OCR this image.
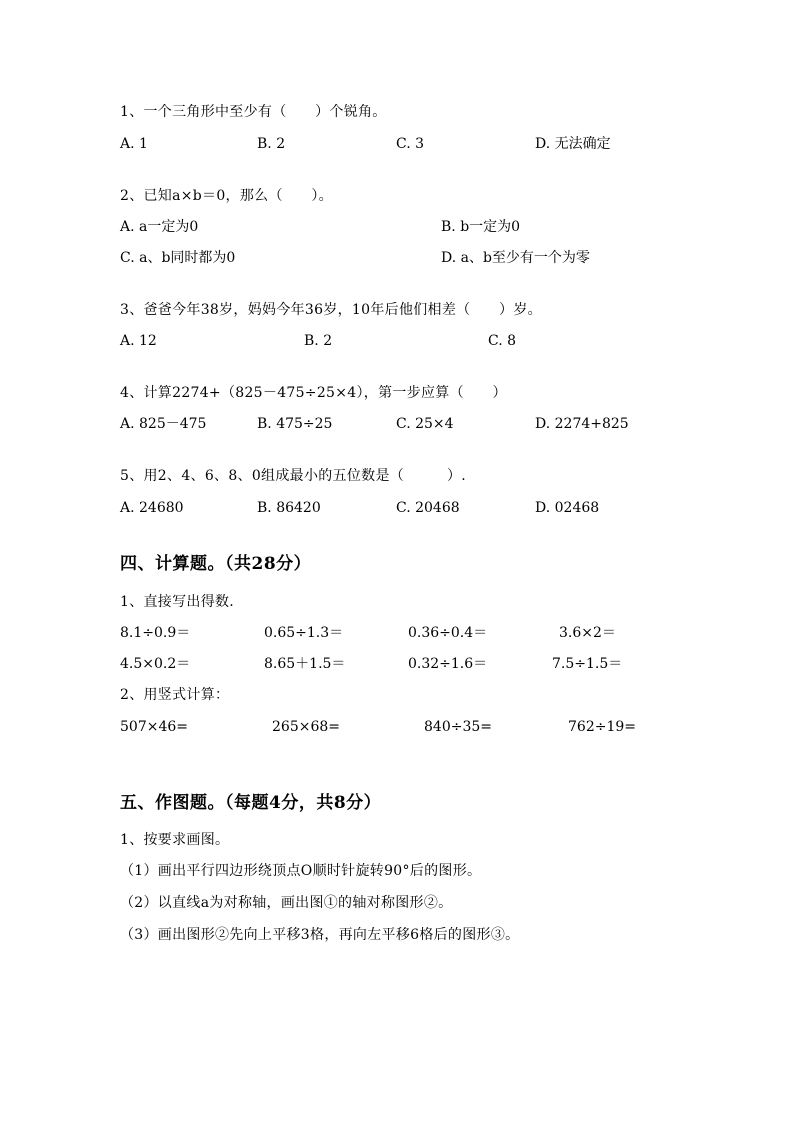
1、一个三角形中至少有（　　）个锐角。
A. 1	B. 2	C. 3	D. 无法确定
2、已知a×b＝0，那么（　　）。
A. a一定为0	B. b一定为0
C. a、b同时都为0	D. a、b至少有一个为零
3、爸爸今年38岁，妈妈今年36岁，10年后他们相差（　　）岁。
A. 12	B. 2	C. 8
4、计算2274+（825－475÷25×4），第一步应算（　　）
A. 825－475	B. 475÷25	C. 25×4	D. 2274+825
5、用2、4、6、8、0组成最小的五位数是（　　　）.
A. 24680	B. 86420	C. 20468	D. 02468
四、计算题。（共28分）
1、直接写出得数.
8.1÷0.9＝	0.65÷1.3＝	0.36÷0.4＝	3.6×2＝
4.5×0.2＝	8.65＋1.5＝	0.32÷1.6＝	7.5÷1.5＝
2、用竖式计算：
507×46=	265×68=	840÷35=	762÷19=
五、作图题。（每题4分，共8分）
1、按要求画图。
（1）画出平行四边形绕顶点O顺时针旋转90°后的图形。
（2）以直线a为对称轴，画出图①的轴对称图形②。
（3）画出图形②先向上平移3格，再向左平移6格后的图形③。
